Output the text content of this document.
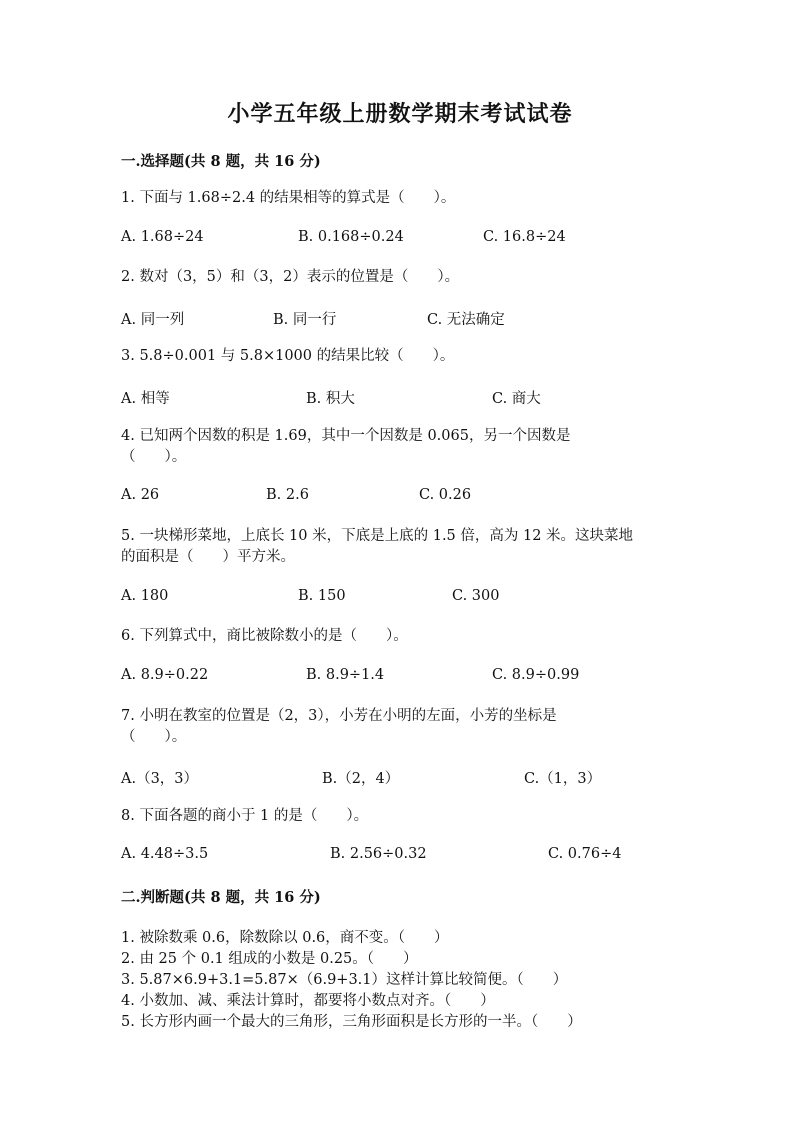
小学五年级上册数学期末考试试卷
一.选择题(共 8 题，共 16 分)
1. 下面与 1.68÷2.4 的结果相等的算式是（　　）。
A. 1.68÷24	B. 0.168÷0.24	C. 16.8÷24
2. 数对（3，5）和（3，2）表示的位置是（　　）。
A. 同一列	B. 同一行	C. 无法确定
3. 5.8÷0.001 与 5.8×1000 的结果比较（　　）。
A. 相等	B. 积大	C. 商大
4. 已知两个因数的积是 1.69，其中一个因数是 0.065，另一个因数是
（　　）。
A. 26	B. 2.6	C. 0.26
5. 一块梯形菜地，上底长 10 米，下底是上底的 1.5 倍，高为 12 米。这块菜地
的面积是（　　）平方米。
A. 180	B. 150	C. 300
6. 下列算式中，商比被除数小的是（　　）。
A. 8.9÷0.22	B. 8.9÷1.4	C. 8.9÷0.99
7. 小明在教室的位置是（2，3），小芳在小明的左面，小芳的坐标是
（　　）。
A.（3，3）	B.（2，4）	C.（1，3）
8. 下面各题的商小于 1 的是（　　）。
A. 4.48÷3.5	B. 2.56÷0.32	C. 0.76÷4
二.判断题(共 8 题，共 16 分)
1. 被除数乘 0.6，除数除以 0.6，商不变。（　　）
2. 由 25 个 0.1 组成的小数是 0.25。（　　）
3. 5.87×6.9+3.1=5.87×（6.9+3.1）这样计算比较简便。（　　）
4. 小数加、减、乘法计算时，都要将小数点对齐。（　　）
5. 长方形内画一个最大的三角形，三角形面积是长方形的一半。（　　）
